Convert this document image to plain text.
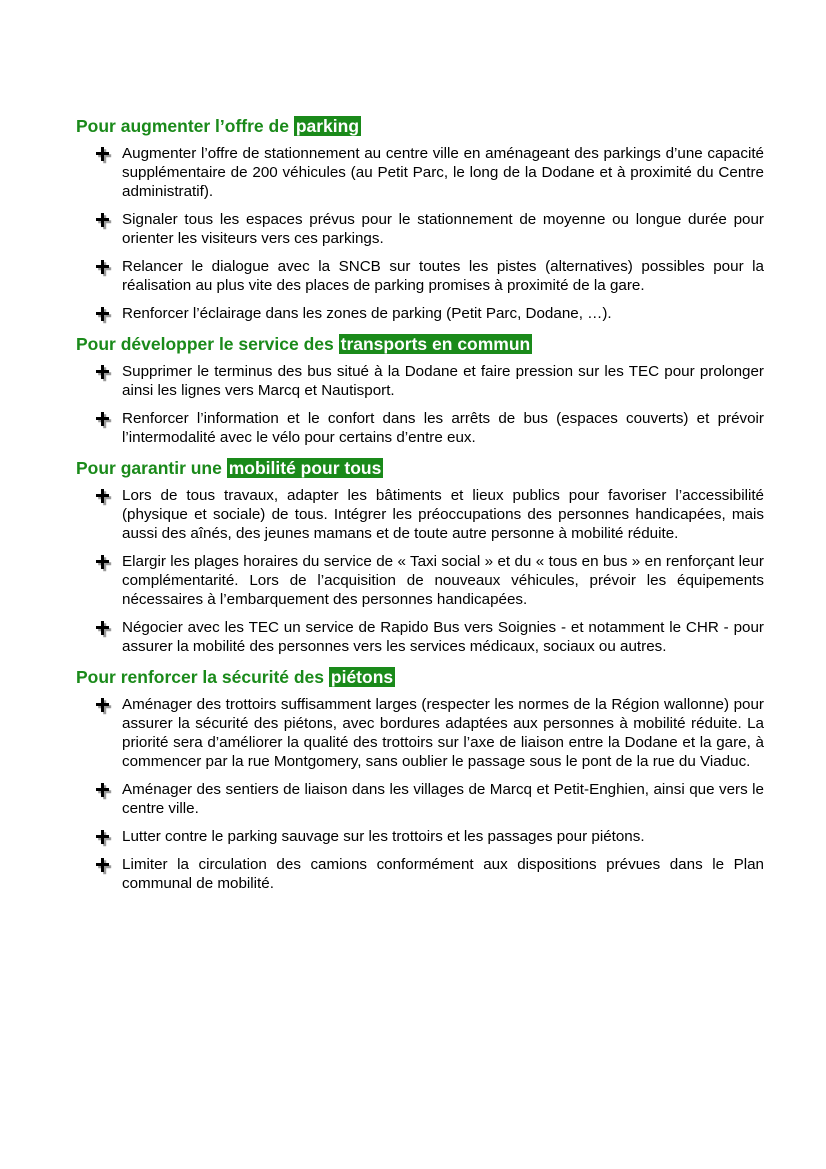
Pour augmenter l’offre de parking
Augmenter l’offre de stationnement au centre ville en aménageant des parkings d’une capacité supplémentaire de 200 véhicules (au Petit Parc, le long de la Dodane et à proximité du Centre administratif).
Signaler tous les espaces prévus pour le stationnement de moyenne ou longue durée pour orienter les visiteurs vers ces parkings.
Relancer le dialogue avec la SNCB sur toutes les pistes (alternatives) possibles pour la réalisation au plus vite des places de parking promises à proximité de la gare.
Renforcer l’éclairage dans les zones de parking (Petit Parc, Dodane, …).
Pour développer le service des transports en commun
Supprimer le terminus des bus situé à la Dodane et faire pression sur les TEC pour prolonger ainsi les lignes vers Marcq et Nautisport.
Renforcer l’information et le confort dans les arrêts de bus (espaces couverts) et prévoir l’intermodalité avec le vélo pour certains d’entre eux.
Pour garantir une mobilité pour tous
Lors de tous travaux, adapter les bâtiments et lieux publics pour favoriser l’accessibilité (physique et sociale) de tous. Intégrer les préoccupations des personnes handicapées, mais aussi des aînés, des jeunes mamans et de toute autre personne à mobilité réduite.
Elargir les plages horaires du service de « Taxi social » et du « tous en bus » en renforçant leur complémentarité. Lors de l’acquisition de nouveaux véhicules, prévoir les équipements nécessaires à l’embarquement des personnes handicapées.
Négocier avec les TEC un service de Rapido Bus vers Soignies - et notamment le CHR - pour assurer la mobilité des personnes vers les services médicaux, sociaux ou autres.
Pour renforcer la sécurité des piétons
Aménager des trottoirs suffisamment larges (respecter les normes de la Région wallonne) pour assurer la sécurité des piétons, avec bordures adaptées aux personnes à mobilité réduite. La priorité sera d’améliorer la qualité des trottoirs sur l’axe de liaison entre la Dodane et la gare, à commencer par la rue Montgomery, sans oublier le passage sous le pont de la rue du Viaduc.
Aménager des sentiers de liaison dans les villages de Marcq et Petit-Enghien, ainsi que vers le centre ville.
Lutter contre le parking sauvage sur les trottoirs et les passages pour piétons.
Limiter la circulation des camions conformément aux dispositions prévues dans le Plan communal de mobilité.
